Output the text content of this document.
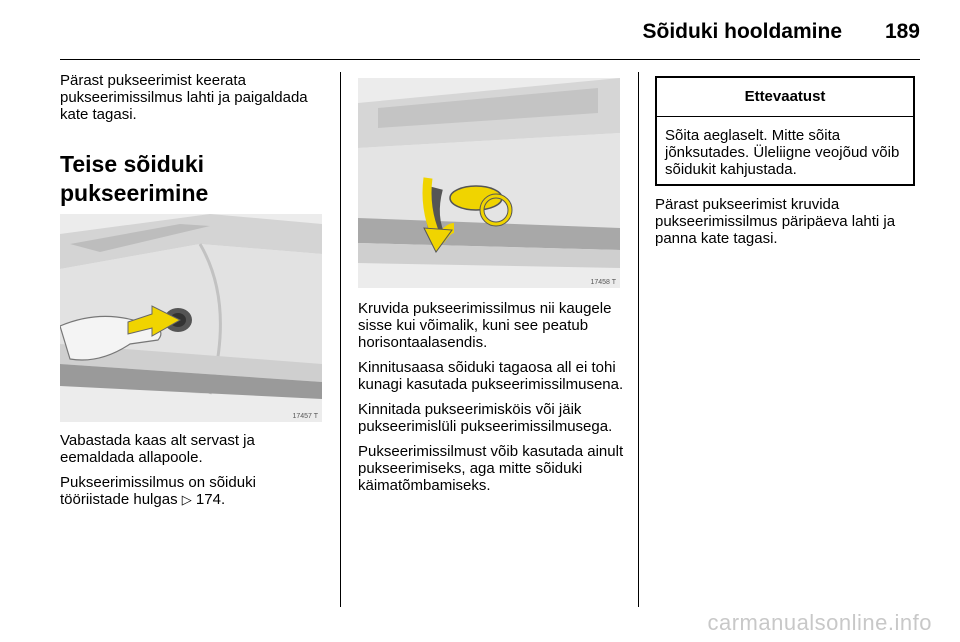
Sõiduki hooldamine 189

Pärast pukseerimist keerata pukseerimissilmus lahti ja paigaldada kate tagasi.

Teise sõiduki pukseerimine
17457 T

Vabastada kaas alt servast ja eemaldada allapoole.

Pukseerimissilmus on sõiduki tööriistade hulgas ▷ 174.

17458 T

Kruvida pukseerimissilmus nii kaugele sisse kui võimalik, kuni see peatub horisontaalasendis.

Kinnitusaasa sõiduki tagaosa all ei tohi kunagi kasutada pukseerimissilmusena.

Kinnitada pukseerimisköis või jäik pukseerimislüli pukseerimissilmusega.

Pukseerimissilmust võib kasutada ainult pukseerimiseks, aga mitte sõiduki käimatõmbamiseks.

Ettevaatust
Sõita aeglaselt. Mitte sõita jõnksutades. Üleliigne veojõud võib sõidukit kahjustada.

Pärast pukseerimist kruvida pukseerimissilmus päripäeva lahti ja panna kate tagasi.

carmanualsonline.info
